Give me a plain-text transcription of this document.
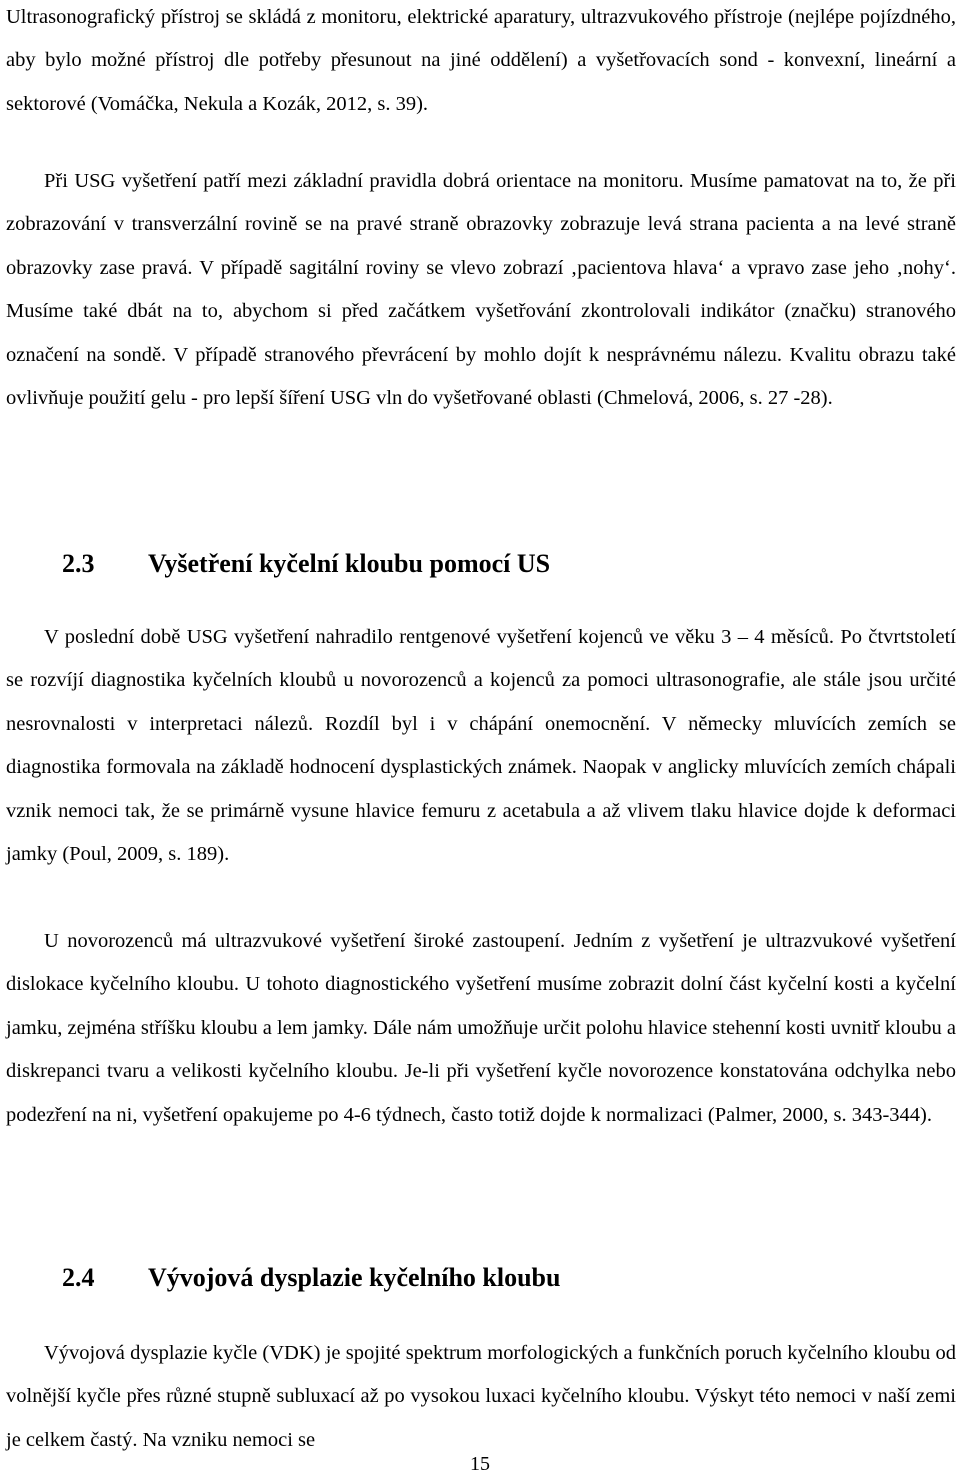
Ultrasonografický přístroj se skládá z monitoru, elektrické aparatury, ultrazvukového přístroje (nejlépe pojízdného, aby bylo možné přístroj dle potřeby přesunout na jiné oddělení) a vyšetřovacích sond - konvexní, lineární a sektorové (Vomáčka, Nekula a Kozák, 2012, s. 39).

Při USG vyšetření patří mezi základní pravidla dobrá orientace na monitoru. Musíme pamatovat na to, že při zobrazování v transverzální rovině se na pravé straně obrazovky zobrazuje levá strana pacienta a na levé straně obrazovky zase pravá. V případě sagitální roviny se vlevo zobrazí ‚pacientova hlava‘ a vpravo zase jeho ‚nohy‘. Musíme také dbát na to, abychom si před začátkem vyšetřování zkontrolovali indikátor (značku) stranového označení na sondě. V případě stranového převrácení by mohlo dojít k nesprávnému nálezu. Kvalitu obrazu také ovlivňuje použití gelu - pro lepší šíření USG vln do vyšetřované oblasti (Chmelová, 2006, s. 27 -28).

2.3 Vyšetření kyčelní kloubu pomocí US

V poslední době USG vyšetření nahradilo rentgenové vyšetření kojenců ve věku 3 – 4 měsíců. Po čtvrtstoletí se rozvíjí diagnostika kyčelních kloubů u novorozenců a kojenců za pomoci ultrasonografie, ale stále jsou určité nesrovnalosti v interpretaci nálezů. Rozdíl byl i v chápání onemocnění. V německy mluvících zemích se diagnostika formovala na základě hodnocení dysplastických známek. Naopak v anglicky mluvících zemích chápali vznik nemoci tak, že se primárně vysune hlavice femuru z acetabula a až vlivem tlaku hlavice dojde k deformaci jamky (Poul, 2009, s. 189).

U novorozenců má ultrazvukové vyšetření široké zastoupení. Jedním z vyšetření je ultrazvukové vyšetření dislokace kyčelního kloubu. U tohoto diagnostického vyšetření musíme zobrazit dolní část kyčelní kosti a kyčelní jamku, zejména stříšku kloubu a lem jamky. Dále nám umožňuje určit polohu hlavice stehenní kosti uvnitř kloubu a diskrepanci tvaru a velikosti kyčelního kloubu. Je-li při vyšetření kyčle novorozence konstatována odchylka nebo podezření na ni, vyšetření opakujeme po 4-6 týdnech, často totiž dojde k normalizaci (Palmer, 2000, s. 343-344).

2.4 Vývojová dysplazie kyčelního kloubu

Vývojová dysplazie kyčle (VDK) je spojité spektrum morfologických a funkčních poruch kyčelního kloubu od volnější kyčle přes různé stupně subluxací až po vysokou luxaci kyčelního kloubu. Výskyt této nemoci v naší zemi je celkem častý. Na vzniku nemoci se

15
